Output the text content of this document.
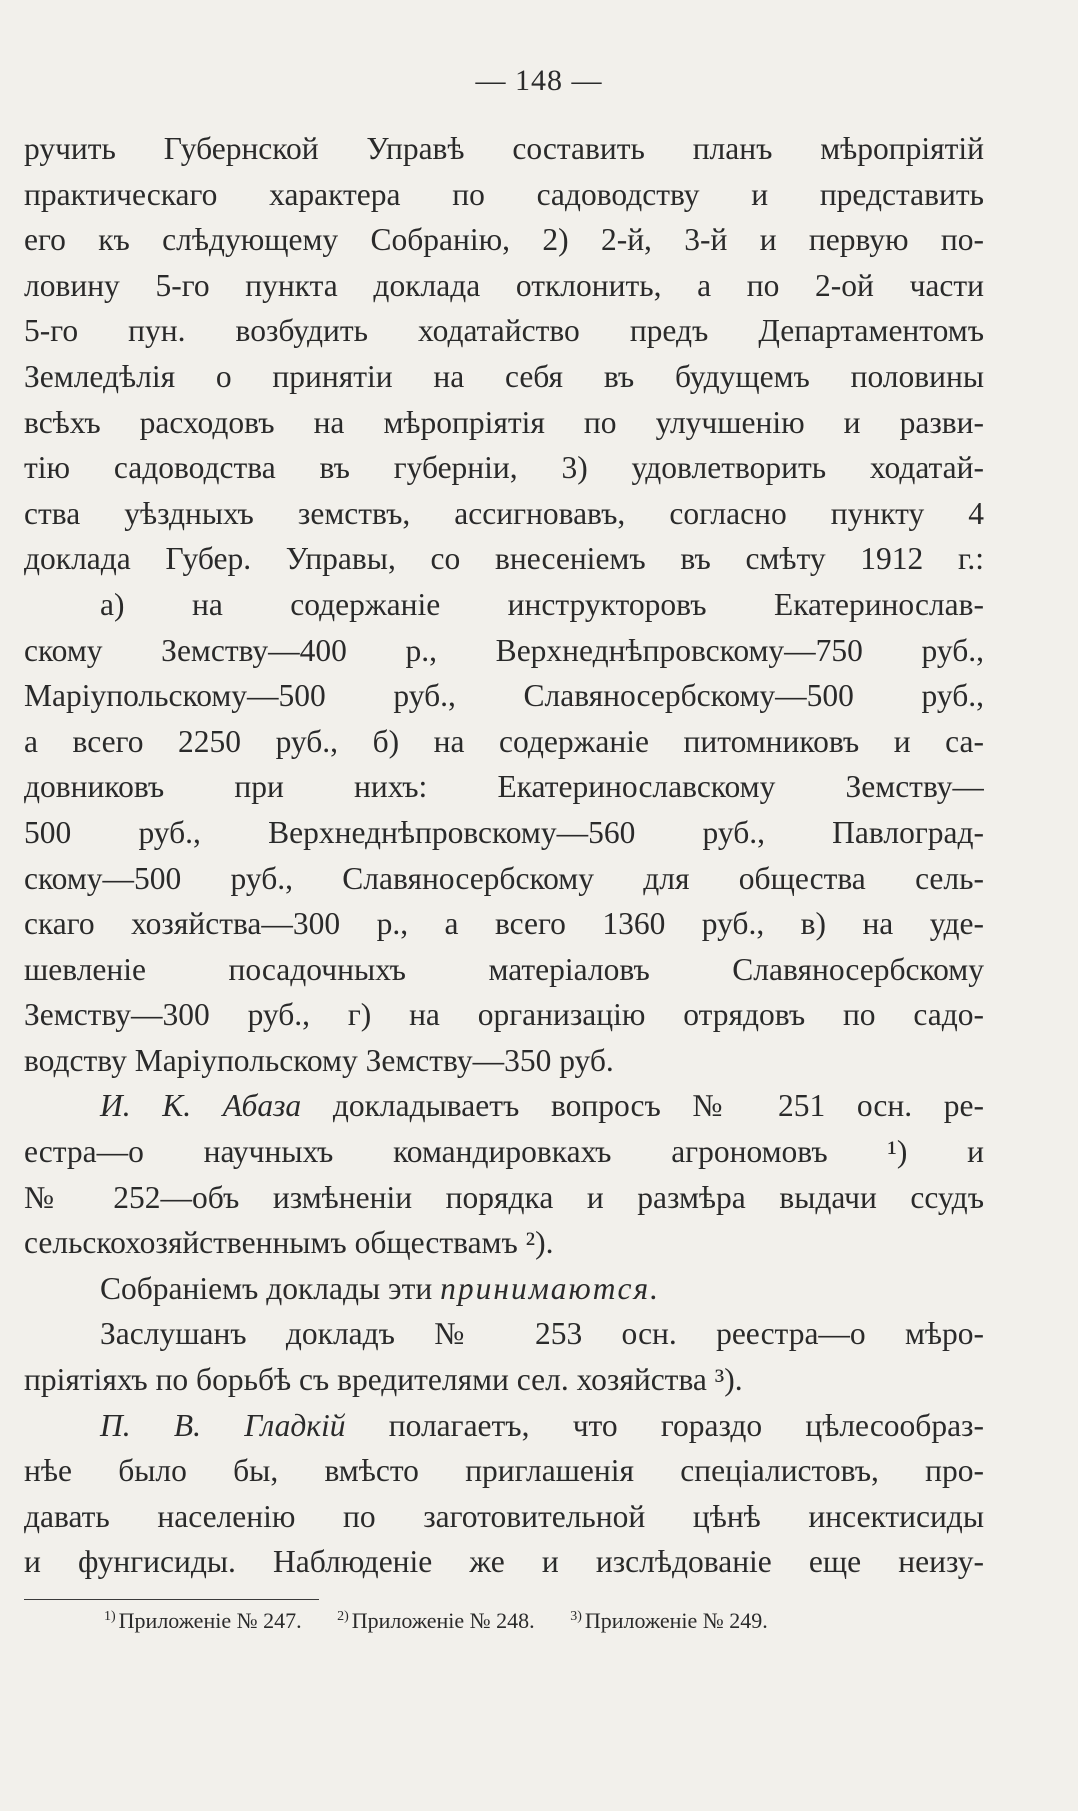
— 148 —
ручить Губернской Управѣ составить планъ мѣропріятій
практическаго характера по садоводству и представить
его къ слѣдующему Собранію, 2) 2-й, 3-й и первую по-
ловину 5-го пункта доклада отклонить, а по 2-ой части
5-го пун. возбудить ходатайство предъ Департаментомъ
Земледѣлія о принятіи на себя въ будущемъ половины
всѣхъ расходовъ на мѣропріятія по улучшенію и разви-
тію садоводства въ губерніи, 3) удовлетворить ходатай-
ства уѣздныхъ земствъ, ассигновавъ, согласно пункту 4
доклада Губер. Управы, со внесеніемъ въ смѣту 1912 г.:
а) на содержаніе инструкторовъ Екатеринослав-
скому Земству—400 р., Верхнеднѣпровскому—750 руб.,
Маріупольскому—500 руб., Славяносербскому—500 руб.,
а всего 2250 руб., б) на содержаніе питомниковъ и са-
довниковъ при нихъ: Екатеринославскому Земству—
500 руб., Верхнеднѣпровскому—560 руб., Павлоград-
скому—500 руб., Славяносербскому для общества сель-
скаго хозяйства—300 р., а всего 1360 руб., в) на уде-
шевленіе посадочныхъ матеріаловъ Славяносербскому
Земству—300 руб., г) на организацію отрядовъ по садо-
водству Маріупольскому Земству—350 руб.
И. К. Абаза докладываетъ вопросъ № 251 осн. ре-
естра—о научныхъ командировкахъ агрономовъ ¹) и
№ 252—объ измѣненіи порядка и размѣра выдачи ссудъ
сельскохозяйственнымъ обществамъ ²).
Собраніемъ доклады эти принимаются.
Заслушанъ докладъ № 253 осн. реестра—о мѣро-
пріятіяхъ по борьбѣ съ вредителями сел. хозяйства ³).
П. В. Гладкій полагаетъ, что гораздо цѣлесообраз-
нѣе было бы, вмѣсто приглашенія спеціалистовъ, про-
давать населенію по заготовительной цѣнѣ инсектисиды
и фунгисиды. Наблюденіе же и изслѣдованіе еще неизу-
$^{1)}$ Приложеніе № 247.	$^{2)}$ Приложеніе № 248.	$^{3)}$ Приложеніе № 249.
